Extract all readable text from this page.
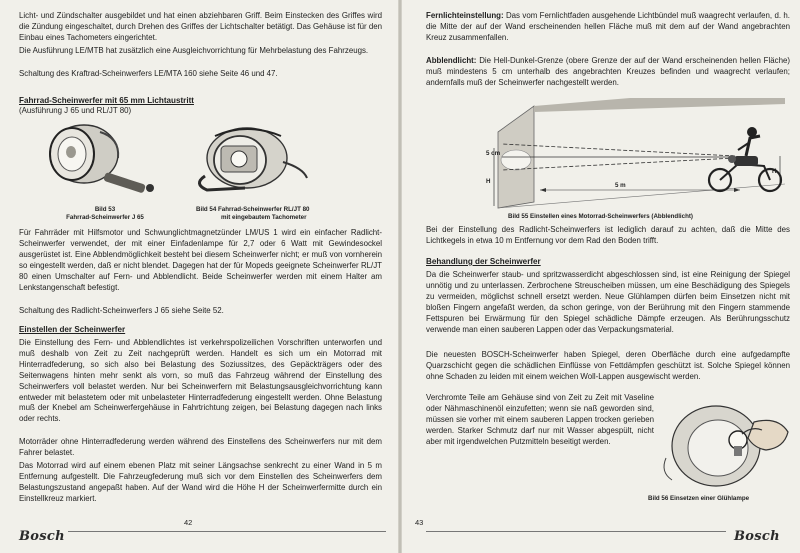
Licht- und Zündschalter ausgebildet und hat einen abziehbaren Griff. Beim Einstecken des Griffes wird die Zündung eingeschaltet, durch Drehen des Griffes der Lichtschalter betätigt. Das Gehäuse ist für den Einbau eines Tachometers eingerichtet.
Die Ausführung LE/MTB hat zusätzlich eine Ausgleichvorrichtung für Mehrbelastung des Fahrzeugs.
Schaltung des Kraftrad-Scheinwerfers LE/MTA 160 siehe Seite 46 und 47.
Fahrrad-Scheinwerfer mit 65 mm Lichtaustritt
(Ausführung J 65 und RL/JT 80)
Bild 53
Fahrrad-Scheinwerfer J 65
Bild 54 Fahrrad-Scheinwerfer RL/JT 80
mit eingebautem Tachometer
Für Fahrräder mit Hilfsmotor und Schwunglichtmagnetzünder LM/US 1 wird ein einfacher Radlicht-Scheinwerfer verwendet, der mit einer Einfadenlampe für 2,7 oder 6 Watt mit Gewindesockel ausgerüstet ist. Eine Abblendmöglichkeit besteht bei diesem Scheinwerfer nicht; er muß von vornherein so eingestellt werden, daß er nicht blendet. Dagegen hat der für Mopeds geeignete Scheinwerfer RL/JT 80 einen Umschalter auf Fern- und Abblendlicht. Beide Scheinwerfer werden mit einem Halter am Lenkstangenschaft befestigt.
Schaltung des Radlicht-Scheinwerfers J 65 siehe Seite 52.
Einstellen der Scheinwerfer
Die Einstellung des Fern- und Abblendlichtes ist verkehrspolizeilichen Vorschriften unterworfen und muß deshalb von Zeit zu Zeit nachgeprüft werden. Handelt es sich um ein Motorrad mit Hinterradfederung, so sich also bei Belastung des Soziussitzes, des Gepäckträgers oder des Seitenwagens hinten mehr senkt als vorn, so muß das Fahrzeug während der Einstellung des Scheinwerfers voll belastet werden. Nur bei Scheinwerfern mit Belastungsausgleichvorrichtung kann entweder mit belastetem oder mit unbelasteter Hinterradfederung eingestellt werden. Ohne Belastung muß der Knebel am Scheinwerfergehäuse in Fahrtrichtung zeigen, bei Belastung dagegen nach links oder rechts.
Motorräder ohne Hinterradfederung werden während des Einstellens des Scheinwerfers nur mit dem Fahrer belastet.
Das Motorrad wird auf einem ebenen Platz mit seiner Längsachse senkrecht zu einer Wand in 5 m Entfernung aufgestellt. Die Fahrzeugfederung muß sich vor dem Einstellen des Scheinwerfers dem Belastungszustand angepaßt haben. Auf der Wand wird die Höhe H der Scheinwerfermitte durch ein Einstellkreuz markiert.
42
Bosch
Fernlichteinstellung: Das vom Fernlichtfaden ausgehende Lichtbündel muß waagrecht verlaufen, d. h. die Mitte der auf der Wand erscheinenden hellen Fläche muß mit dem auf der Wand angebrachten Kreuz zusammenfallen.
Abblendlicht: Die Hell-Dunkel-Grenze (obere Grenze der auf der Wand erscheinenden hellen Fläche) muß mindestens 5 cm unterhalb des angebrachten Kreuzes befinden und waagrecht verlaufen; andernfalls muß der Scheinwerfer nachgestellt werden.
5 cm
H
H
5 m
Bild 55 Einstellen eines Motorrad-Scheinwerfers (Abblendlicht)
Bei der Einstellung des Radlicht-Scheinwerfers ist lediglich darauf zu achten, daß die Mitte des Lichtkegels in etwa 10 m Entfernung vor dem Rad den Boden trifft.
Behandlung der Scheinwerfer
Da die Scheinwerfer staub- und spritzwasserdicht abgeschlossen sind, ist eine Reinigung der Spiegel unnötig und zu unterlassen. Zerbrochene Streuscheiben müssen, um eine Beschädigung des Spiegels zu vermeiden, möglichst schnell ersetzt werden. Neue Glühlampen dürfen beim Einsetzen nicht mit bloßen Fingern angefaßt werden, da schon geringe, von der Berührung mit den Fingern stammende Fettspuren bei Erwärmung für den Spiegel schädliche Dämpfe erzeugen. Als Berührungsschutz verwende man einen sauberen Lappen oder das Verpackungsmaterial.
Die neuesten BOSCH-Scheinwerfer haben Spiegel, deren Oberfläche durch eine aufgedampfte Quarzschicht gegen die schädlichen Einflüsse von Fettdämpfen geschützt ist. Solche Spiegel können ohne Schaden zu leiden mit einem weichen Woll-Lappen ausgewischt werden.
Verchromte Teile am Gehäuse sind von Zeit zu Zeit mit Vaseline oder Nähmaschinenöl einzufetten; wenn sie naß geworden sind, müssen sie vorher mit einem sauberen Lappen trocken gerieben werden. Starker Schmutz darf nur mit Wasser abgespült, nicht aber mit irgendwelchen Putzmitteln beseitigt werden.
Bild 56 Einsetzen einer Glühlampe
43
Bosch
